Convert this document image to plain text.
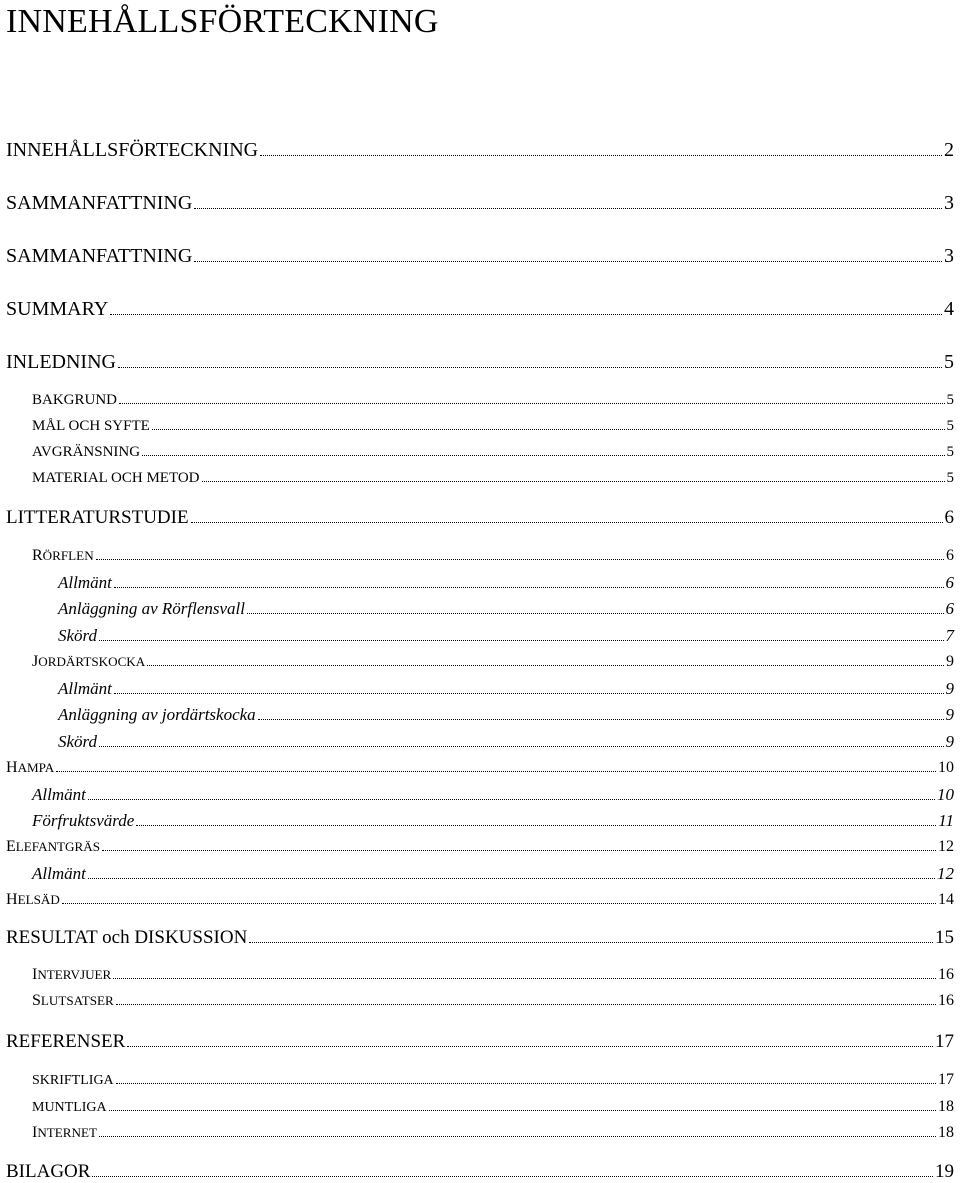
INNEHÅLLSFÖRTECKNING
INNEHÅLLSFÖRTECKNING	2
SAMMANFATTNING	3
SAMMANFATTNING	3
SUMMARY	4
INLEDNING	5
BAKGRUND	5
MÅL OCH SYFTE	5
AVGRÄNSNING	5
MATERIAL OCH METOD	5
LITTERATURSTUDIE	6
RÖRFLEN	6
Allmänt	6
Anläggning av Rörflensvall	6
Skörd	7
JORDÄRTSKOCKA	9
Allmänt	9
Anläggning av jordärtskocka	9
Skörd	9
HAMPA	10
Allmänt	10
Förfruktsvärde	11
ELEFANTGRÄS	12
Allmänt	12
HELSÄD	14
RESULTAT och DISKUSSION	15
INTERVJUER	16
SLUTSATSER	16
REFERENSER	17
SKRIFTLIGA	17
MUNTLIGA	18
INTERNET	18
BILAGOR	19
